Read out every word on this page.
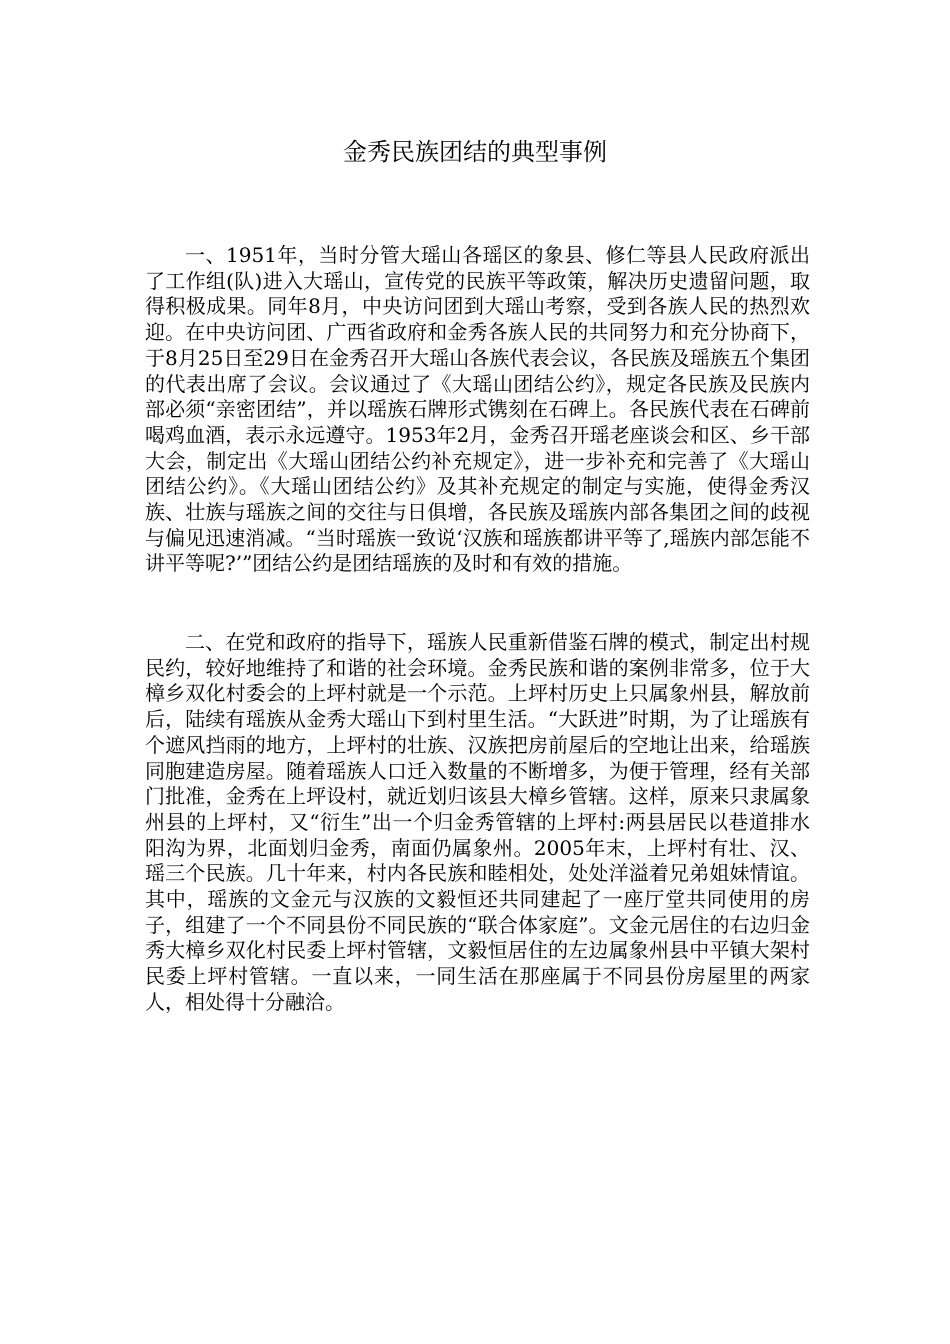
金秀民族团结的典型事例

一、1951年，当时分管大瑶山各瑶区的象县、修仁等县人民政府派出了工作组(队)进入大瑶山，宣传党的民族平等政策，解决历史遗留问题，取得积极成果。同年8月，中央访问团到大瑶山考察，受到各族人民的热烈欢迎。在中央访问团、广西省政府和金秀各族人民的共同努力和充分协商下，于8月25日至29日在金秀召开大瑶山各族代表会议，各民族及瑶族五个集团的代表出席了会议。会议通过了《大瑶山团结公约》，规定各民族及民族内部必须“亲密团结”，并以瑶族石牌形式镌刻在石碑上。各民族代表在石碑前喝鸡血酒，表示永远遵守。1953年2月，金秀召开瑶老座谈会和区、乡干部大会，制定出《大瑶山团结公约补充规定》，进一步补充和完善了《大瑶山团结公约》。《大瑶山团结公约》及其补充规定的制定与实施，使得金秀汉族、壮族与瑶族之间的交往与日俱增，各民族及瑶族内部各集团之间的歧视与偏见迅速消减。“当时瑶族一致说‘汉族和瑶族都讲平等了,瑶族内部怎能不讲平等呢?’”团结公约是团结瑶族的及时和有效的措施。

二、在党和政府的指导下，瑶族人民重新借鉴石牌的模式，制定出村规民约，较好地维持了和谐的社会环境。金秀民族和谐的案例非常多，位于大樟乡双化村委会的上坪村就是一个示范。上坪村历史上只属象州县，解放前后，陆续有瑶族从金秀大瑶山下到村里生活。“大跃进”时期，为了让瑶族有个遮风挡雨的地方，上坪村的壮族、汉族把房前屋后的空地让出来，给瑶族同胞建造房屋。随着瑶族人口迁入数量的不断增多，为便于管理，经有关部门批准，金秀在上坪设村，就近划归该县大樟乡管辖。这样，原来只隶属象州县的上坪村，又“衍生”出一个归金秀管辖的上坪村:两县居民以巷道排水阳沟为界，北面划归金秀，南面仍属象州。2005年末，上坪村有壮、汉、瑶三个民族。几十年来，村内各民族和睦相处，处处洋溢着兄弟姐妹情谊。其中，瑶族的文金元与汉族的文毅恒还共同建起了一座厅堂共同使用的房子，组建了一个不同县份不同民族的“联合体家庭”。文金元居住的右边归金秀大樟乡双化村民委上坪村管辖，文毅恒居住的左边属象州县中平镇大架村民委上坪村管辖。一直以来，一同生活在那座属于不同县份房屋里的两家人，相处得十分融洽。
